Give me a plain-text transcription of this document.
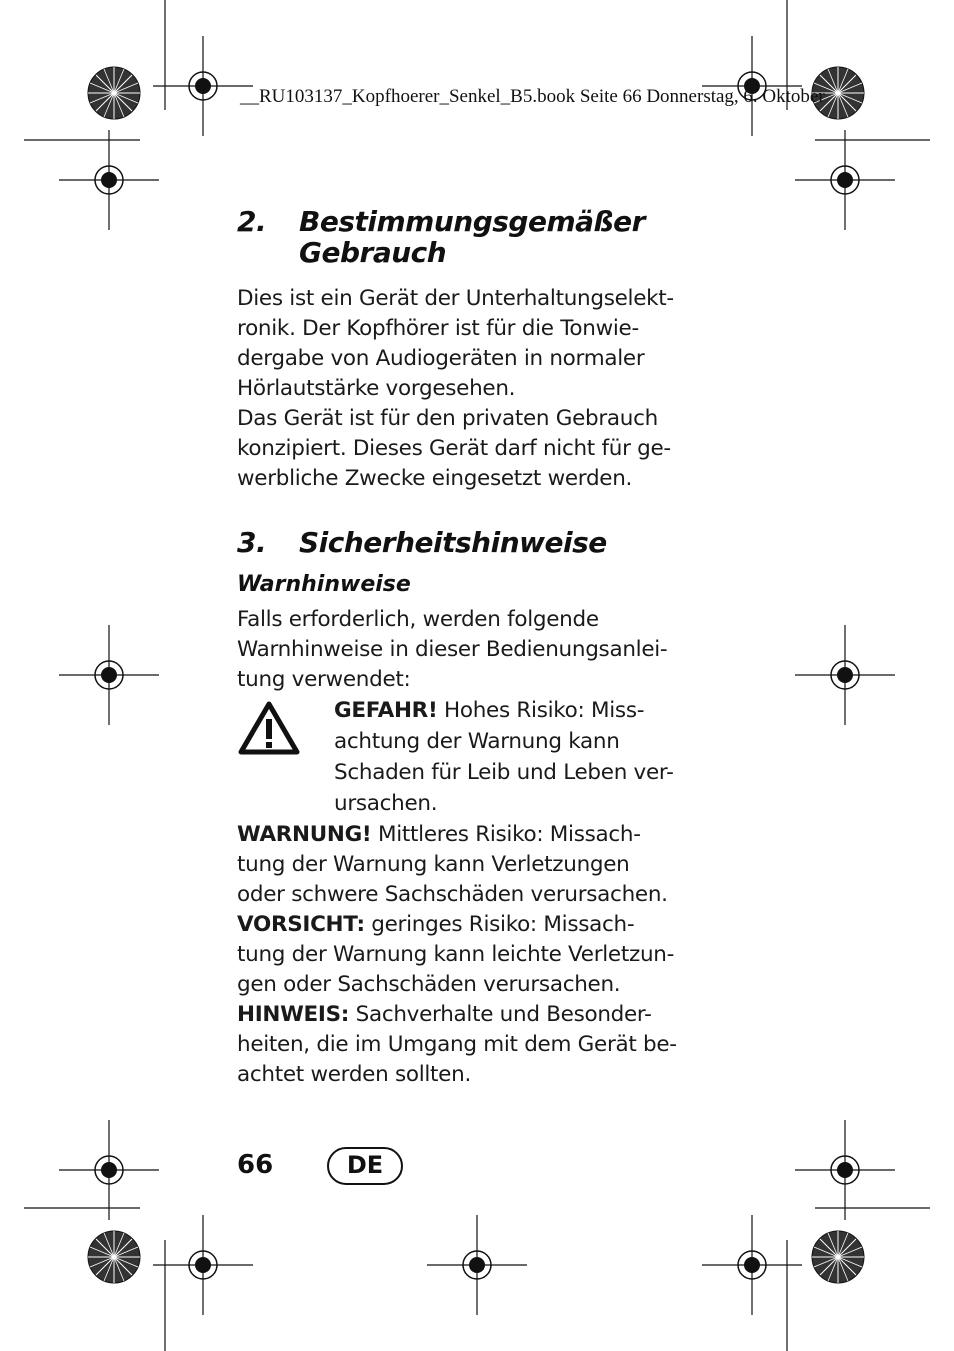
__RU103137_Kopfhoerer_Senkel_B5.book Seite 66 Donnerstag, 6. Oktober
2. Bestimmungsgemäßer
Gebrauch
Dies ist ein Gerät der Unterhaltungselekt-
ronik. Der Kopfhörer ist für die Tonwie-
dergabe von Audiogeräten in normaler
Hörlautstärke vorgesehen.
Das Gerät ist für den privaten Gebrauch
konzipiert. Dieses Gerät darf nicht für ge-
werbliche Zwecke eingesetzt werden.
3. Sicherheitshinweise
Warnhinweise
Falls erforderlich, werden folgende
Warnhinweise in dieser Bedienungsanlei-
tung verwendet:
GEFAHR! Hohes Risiko: Miss-
achtung der Warnung kann
Schaden für Leib und Leben ver-
ursachen.
WARNUNG! Mittleres Risiko: Missach-
tung der Warnung kann Verletzungen
oder schwere Sachschäden verursachen.
VORSICHT: geringes Risiko: Missach-
tung der Warnung kann leichte Verletzun-
gen oder Sachschäden verursachen.
HINWEIS: Sachverhalte und Besonder-
heiten, die im Umgang mit dem Gerät be-
achtet werden sollten.
66	DE
